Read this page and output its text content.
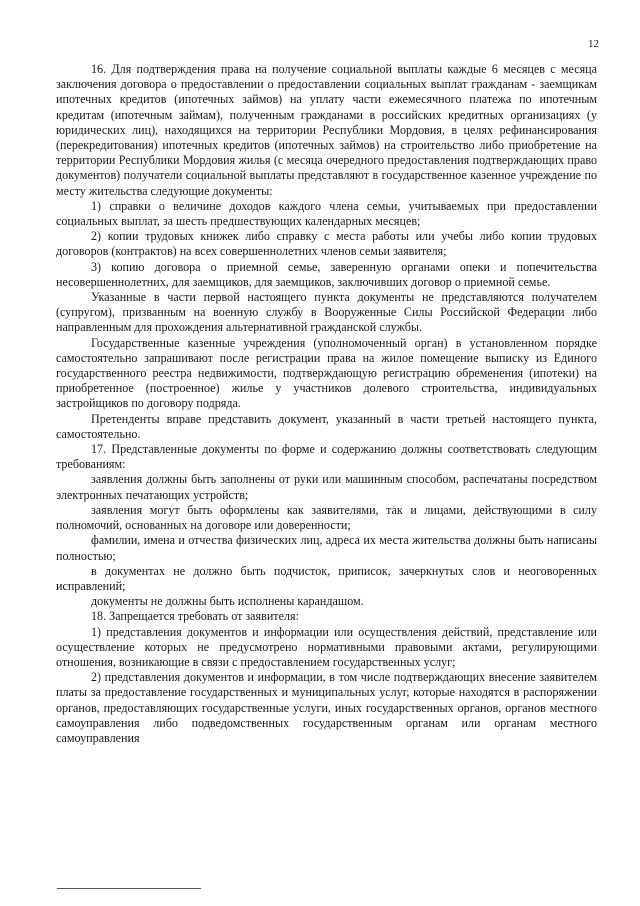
12

16. Для подтверждения права на получение социальной выплаты каждые 6 месяцев с месяца заключения договора о предоставлении о предоставлении социальных выплат гражданам - заемщикам ипотечных кредитов (ипотечных займов) на уплату части ежемесячного платежа по ипотечным кредитам (ипотечным займам), полученным гражданами в российских кредитных организациях (у юридических лиц), находящихся на территории Республики Мордовия, в целях рефинансирования (перекредитования) ипотечных кредитов (ипотечных займов) на строительство либо приобретение на территории Республики Мордовия жилья (с месяца очередного предоставления подтверждающих право документов) получатели социальной выплаты представляют в государственное казенное учреждение по месту жительства следующие документы:

1) справки о величине доходов каждого члена семьи, учитываемых при предоставлении социальных выплат, за шесть предшествующих календарных месяцев;

2) копии трудовых книжек либо справку с места работы или учебы либо копии трудовых договоров (контрактов) на всех совершеннолетних членов семьи заявителя;

3) копию договора о приемной семье, заверенную органами опеки и попечительства несовершеннолетних, для заемщиков, для заемщиков, заключивших договор о приемной семье.

Указанные в части первой настоящего пункта документы не представляются получателем (супругом), призванным на военную службу в Вооруженные Силы Российской Федерации либо направленным для прохождения альтернативной гражданской службы.

Государственные казенные учреждения (уполномоченный орган) в установленном порядке самостоятельно запрашивают после регистрации права на жилое помещение выписку из Единого государственного реестра недвижимости, подтверждающую регистрацию обременения (ипотеки) на приобретенное (построенное) жилье у участников долевого строительства, индивидуальных застройщиков по договору подряда.

Претенденты вправе представить документ, указанный в части третьей настоящего пункта, самостоятельно.

17. Представленные документы по форме и содержанию должны соответствовать следующим требованиям:

заявления должны быть заполнены от руки или машинным способом, распечатаны посредством электронных печатающих устройств;

заявления могут быть оформлены как заявителями, так и лицами, действующими в силу полномочий, основанных на договоре или доверенности;

фамилии, имена и отчества физических лиц, адреса их места жительства должны быть написаны полностью;

в документах не должно быть подчисток, приписок, зачеркнутых слов и неоговоренных исправлений;

документы не должны быть исполнены карандашом.

18. Запрещается требовать от заявителя:

1) представления документов и информации или осуществления действий, представление или осуществление которых не предусмотрено нормативными правовыми актами, регулирующими отношения, возникающие в связи с предоставлением государственных услуг;

2) представления документов и информации, в том числе подтверждающих внесение заявителем платы за предоставление государственных и муниципальных услуг, которые находятся в распоряжении органов, предоставляющих государственные услуги, иных государственных органов, органов местного самоуправления либо подведомственных государственным органам или органам местного самоуправления
